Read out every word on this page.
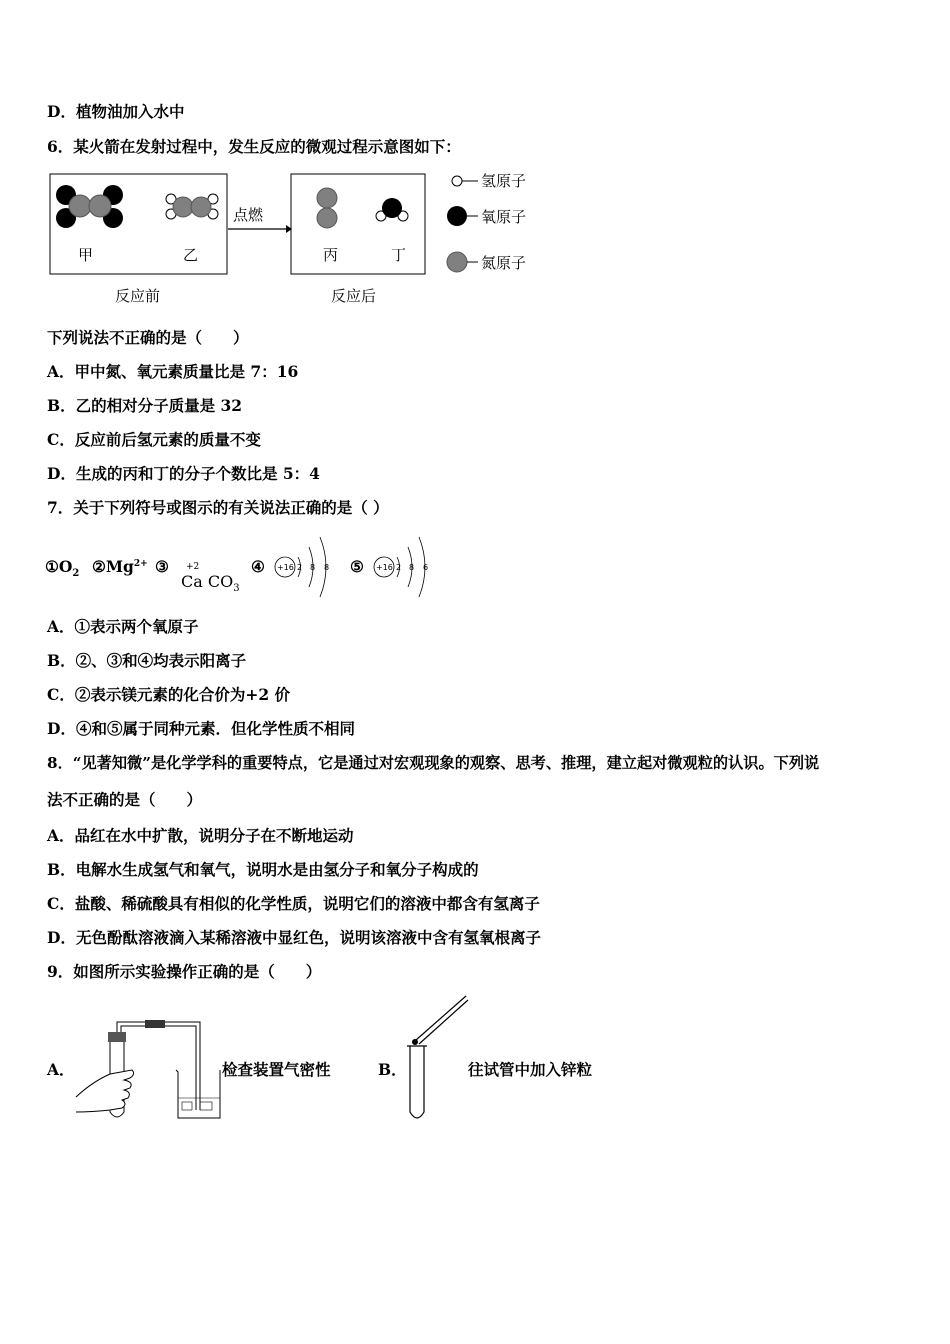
D．植物油加入水中
6．某火箭在发射过程中，发生反应的微观过程示意图如下：
甲	乙
点燃
丙	丁
反应前	反应后
氢原子
氧原子
氮原子
下列说法不正确的是（　　）
A．甲中氮、氧元素质量比是 7：16
B．乙的相对分子质量是 32
C．反应前后氢元素的质量不变
D．生成的丙和丁的分子个数比是 5：4
7．关于下列符号或图示的有关说法正确的是（ ）
$①O_2$ $②Mg^{2+}$ ③ +2
Ca $CO_3$
④	⑤
+16 2 8 8	+16 2 8 6
A．①表示两个氧原子
B．②、③和④均表示阳离子
C．②表示镁元素的化合价为+2 价
D．④和⑤属于同种元素．但化学性质不相同
8．“见著知微”是化学学科的重要特点，它是通过对宏观现象的观察、思考、推理，建立起对微观粒的认识。下列说
法不正确的是（　　）
A．品红在水中扩散，说明分子在不断地运动
B．电解水生成氢气和氧气，说明水是由氢分子和氧分子构成的
C．盐酸、稀硫酸具有相似的化学性质，说明它们的溶液中都含有氢离子
D．无色酚酞溶液滴入某稀溶液中显红色，说明该溶液中含有氢氧根离子
9．如图所示实验操作正确的是（　　）
A．	检查装置气密性	B．	往试管中加入锌粒
